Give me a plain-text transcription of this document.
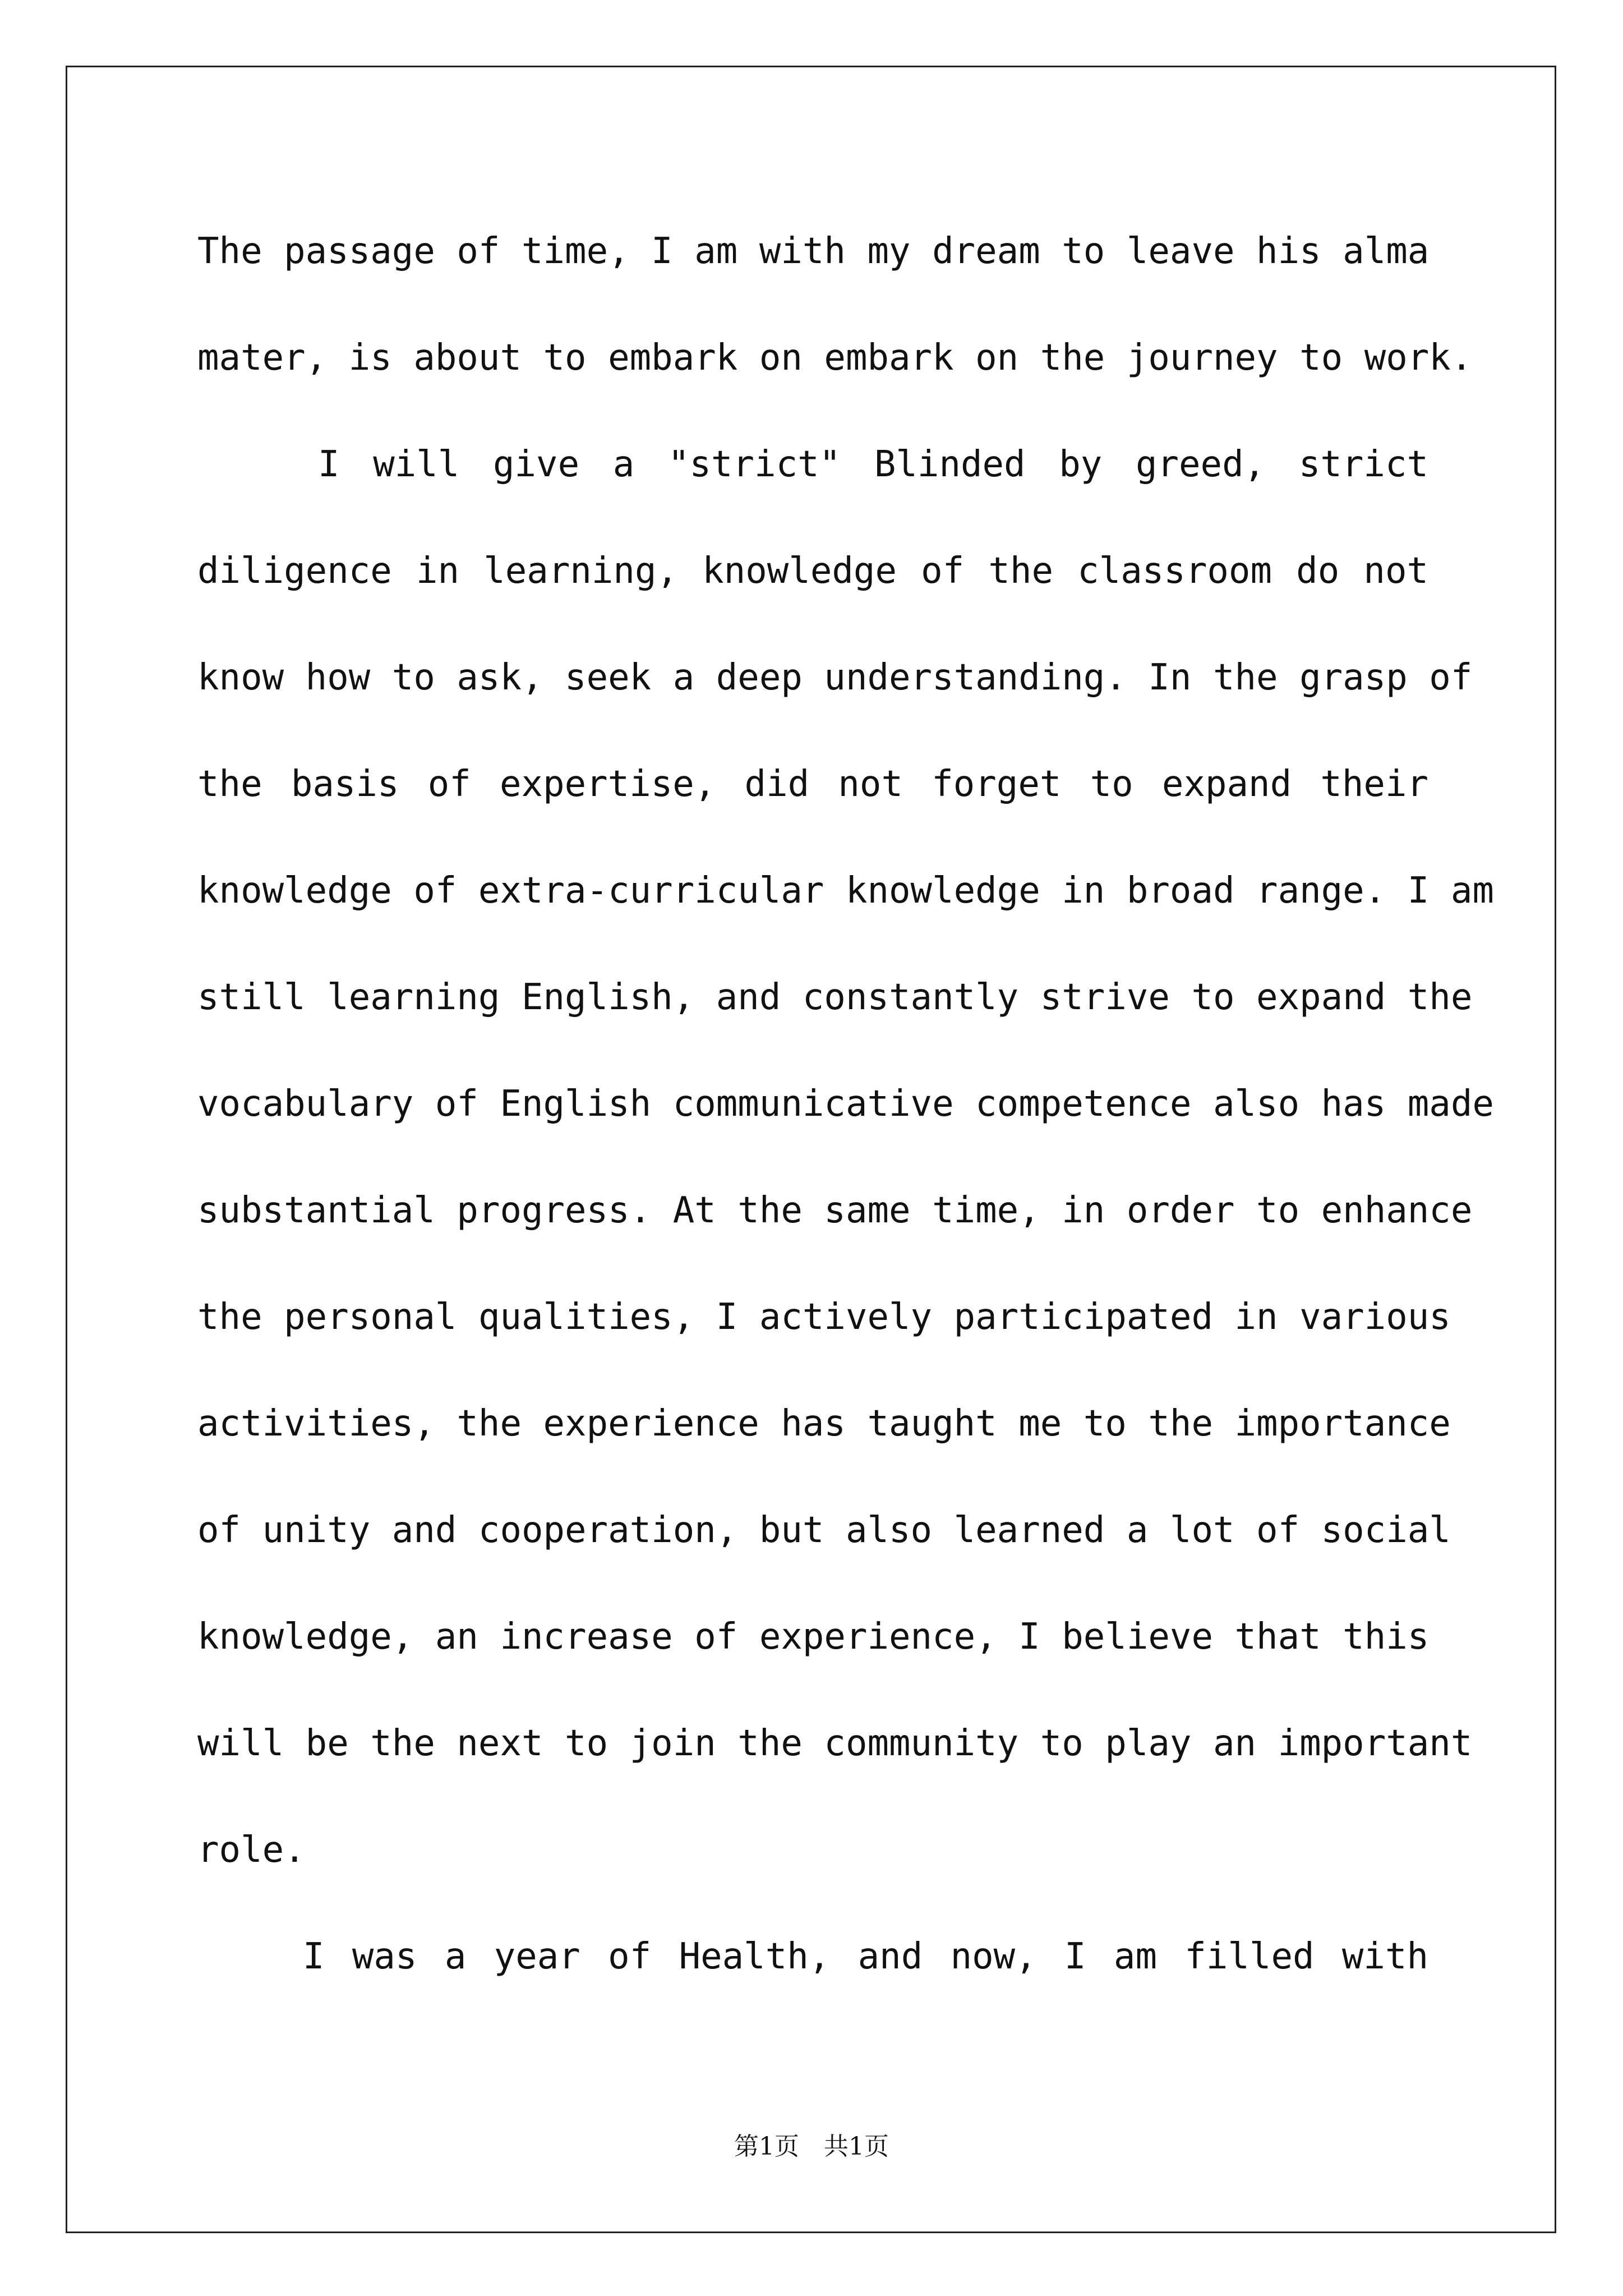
The passage of time, I am with my dream to leave his alma
mater, is about to embark on embark on the journey to work.
I will give a "strict" Blinded by greed, strict
diligence in learning, knowledge of the classroom do not
know how to ask, seek a deep understanding. In the grasp of
the basis of expertise, did not forget to expand their
knowledge of extra-curricular knowledge in broad range. I am
still learning English, and constantly strive to expand the
vocabulary of English communicative competence also has made
substantial progress. At the same time, in order to enhance
the personal qualities, I actively participated in various
activities, the experience has taught me to the importance
of unity and cooperation, but also learned a lot of social
knowledge, an increase of experience, I believe that this
will be the next to join the community to play an important
role.
I was a year of Health, and now, I am filled with
第1页　共1页
